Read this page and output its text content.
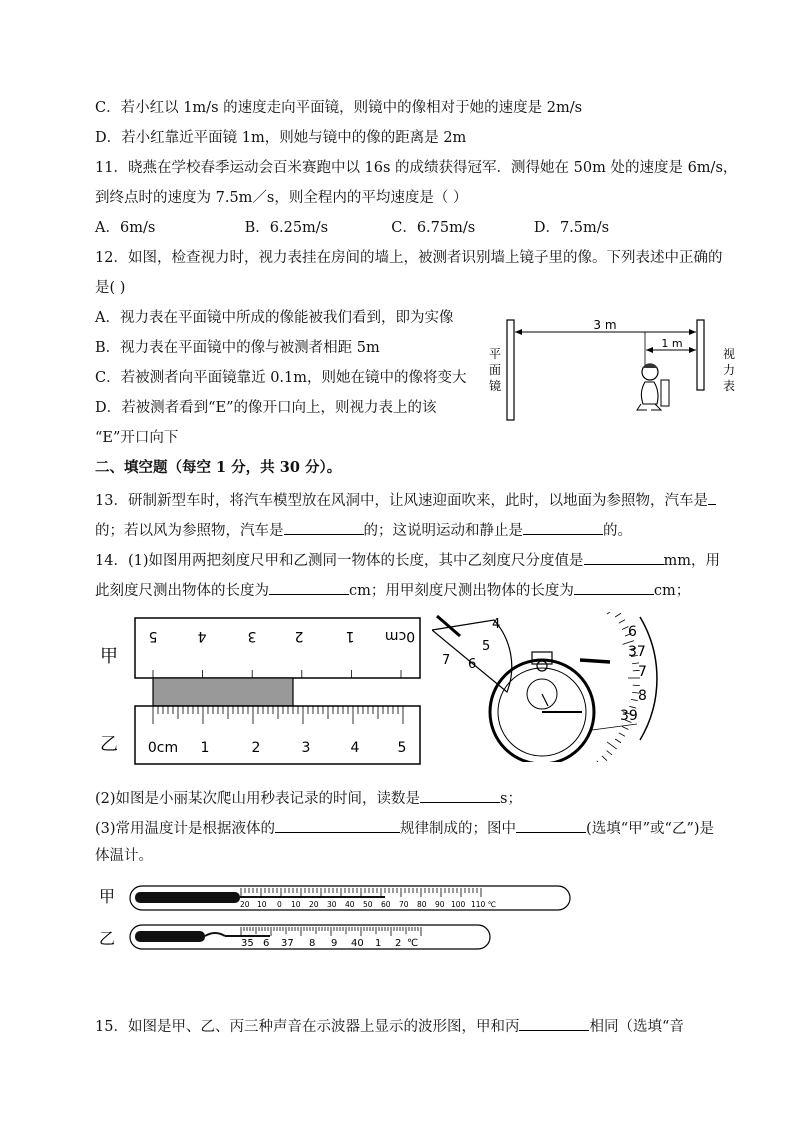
C．若小红以 1m/s 的速度走向平面镜，则镜中的像相对于她的速度是 2m/s
D．若小红靠近平面镜 1m，则她与镜中的像的距离是 2m
11．晓燕在学校春季运动会百米赛跑中以 16s 的成绩获得冠军．测得她在 50m 处的速度是 6m/s，
到终点时的速度为 7.5m／s，则全程内的平均速度是（ ）
A．6m/s	B．6.25m/s	C．6.75m/s	D．7.5m/s
12．如图，检查视力时，视力表挂在房间的墙上，被测者识别墙上镜子里的像。下列表述中正确的
是( )
A．视力表在平面镜中所成的像能被我们看到，即为实像
B．视力表在平面镜中的像与被测者相距 5m
C．若被测者向平面镜靠近 0.1m，则她在镜中的像将变大
D．若被测者看到“E”的像开口向上，则视力表上的该
“E”开口向下
3 m
1 m
平
面
镜
视
力
表
二、填空题（每空 1 分，共 30 分）。
13．研制新型车时，将汽车模型放在风洞中，让风速迎面吹来，此时，以地面为参照物，汽车是
的；若以风为参照物，汽车是	的；这说明运动和静止是	的。
14．(1)如图用两把刻度尺甲和乙测同一物体的长度，其中乙刻度尺分度值是	mm，用
此刻度尺测出物体的长度为	cm；用甲刻度尺测出物体的长度为	cm；
甲
乙
5	4	3	2	1 0cm
0cm 1	2	3	4	5
4
5
6
7
6
37
7
8
39
(2)如图是小丽某次爬山用秒表记录的时间，读数是	s；
(3)常用温度计是根据液体的	规律制成的；图中	(选填“甲”或“乙”)是
体温计。
甲
乙
20 10 0 10 20 30 40 50 60 70 80 90 100 110 ℃
35 6 37 8 9 40 1 2 ℃
15．如图是甲、乙、丙三种声音在示波器上显示的波形图，甲和丙	相同（选填“音
